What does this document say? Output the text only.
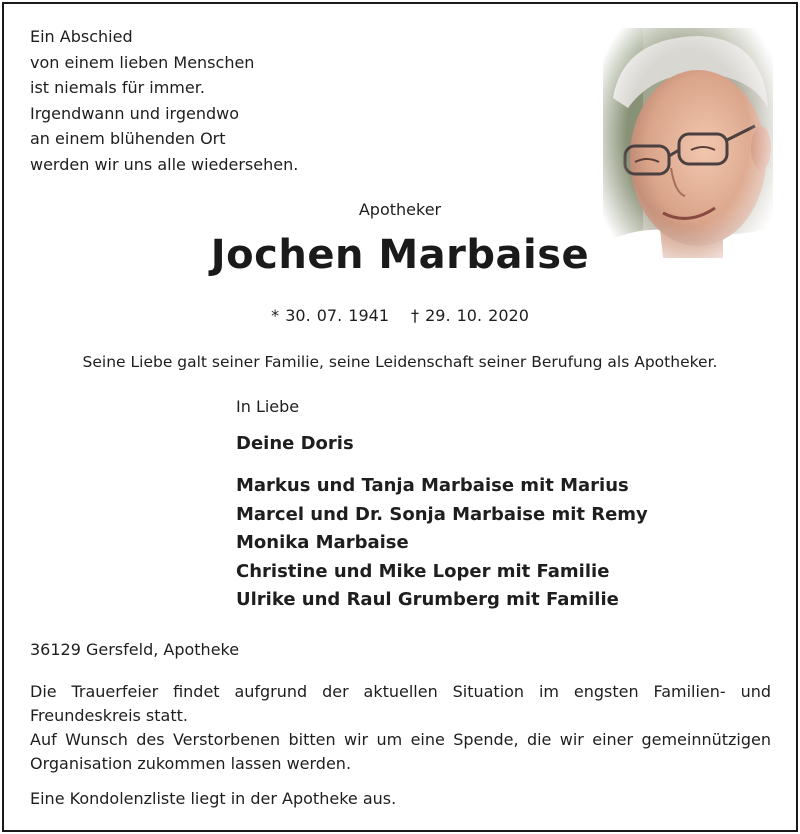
Ein Abschied
von einem lieben Menschen
ist niemals für immer.
Irgendwann und irgendwo
an einem blühenden Ort
werden wir uns alle wiedersehen.
Apotheker
Jochen Marbaise
* 30. 07. 1941 † 29. 10. 2020
Seine Liebe galt seiner Familie, seine Leidenschaft seiner Berufung als Apotheker.
In Liebe
Deine Doris
Markus und Tanja Marbaise mit Marius
Marcel und Dr. Sonja Marbaise mit Remy
Monika Marbaise
Christine und Mike Loper mit Familie
Ulrike und Raul Grumberg mit Familie
36129 Gersfeld, Apotheke

Die Trauerfeier findet aufgrund der aktuellen Situation im engsten Familien- und Freundeskreis statt.

Auf Wunsch des Verstorbenen bitten wir um eine Spende, die wir einer gemeinnützigen Organisation zukommen lassen werden.

Eine Kondolenzliste liegt in der Apotheke aus.
